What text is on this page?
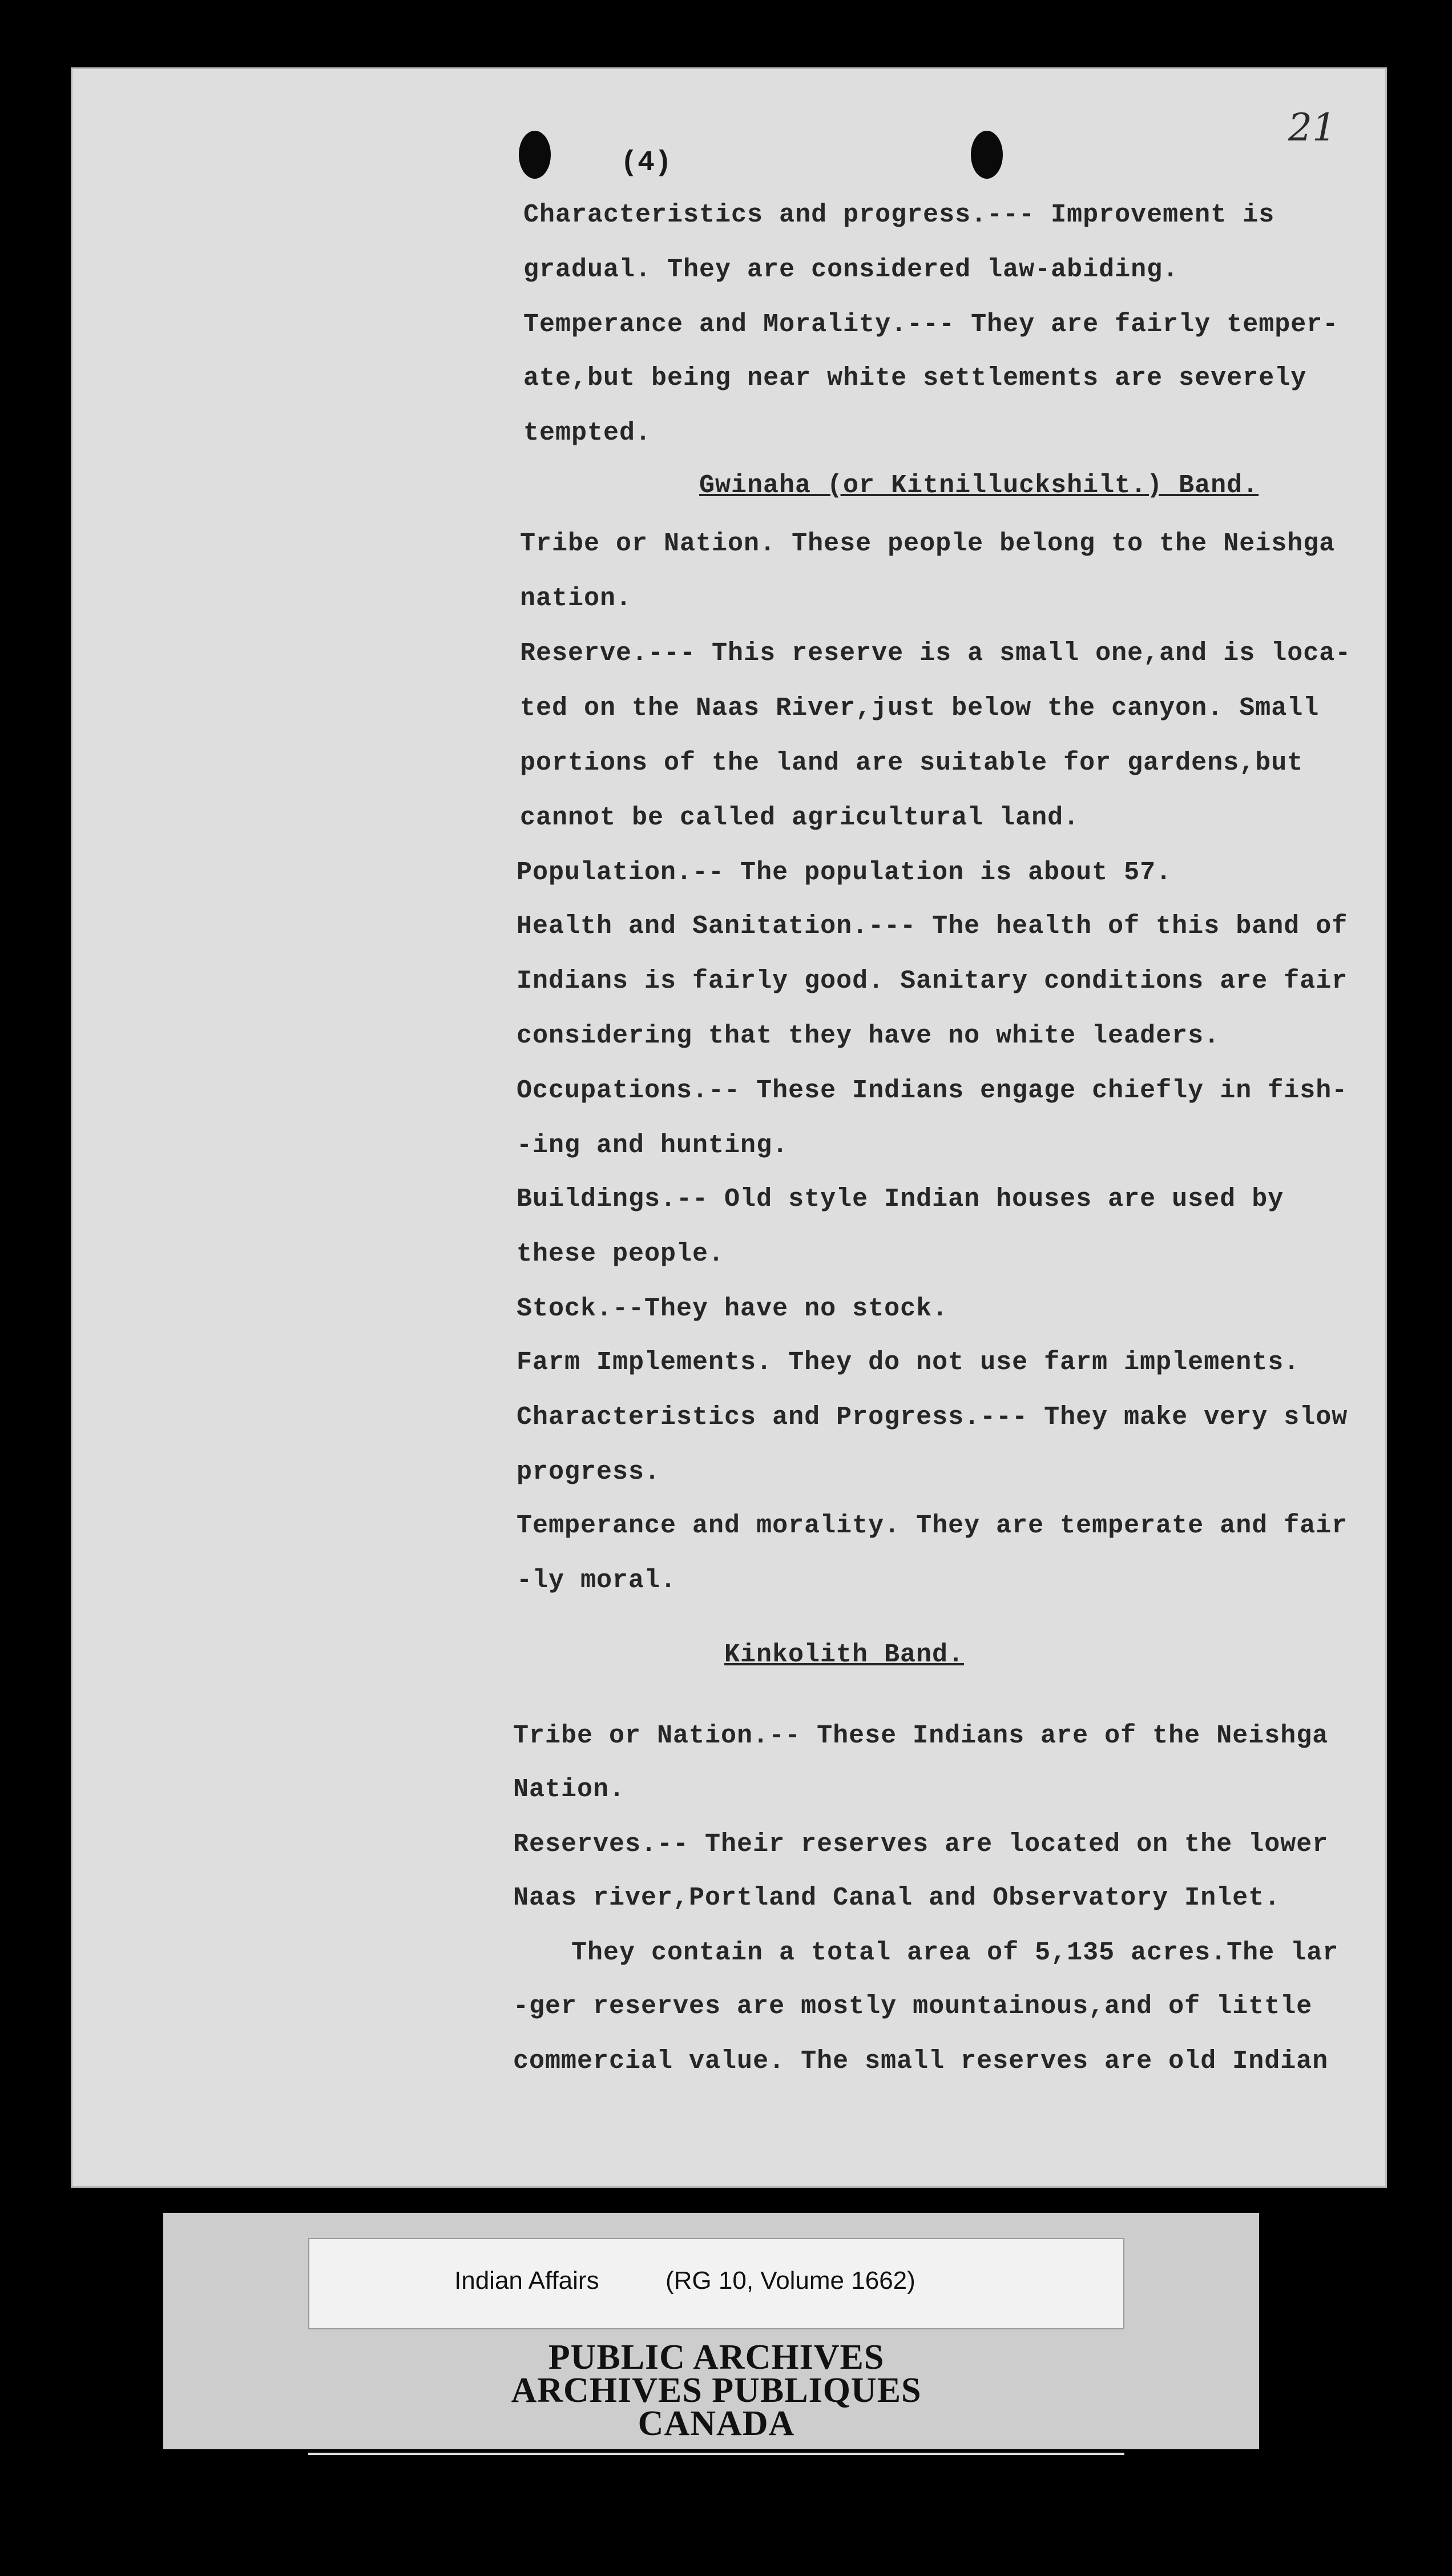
(4)
21
Characteristics and progress.--- Improvement is
gradual. They are considered law-abiding.
Temperance and Morality.--- They are fairly temper-
ate,but being near white settlements are severely
tempted.
Gwinaha (or Kitnilluckshilt.) Band.
Tribe or Nation. These people belong to the Neishga
nation.
Reserve.--- This reserve is a small one,and is loca-
ted on the Naas River,just below the canyon. Small
portions of the land are suitable for gardens,but
cannot be called agricultural land.
Population.-- The population is about 57.
Health and Sanitation.--- The health of this band of
Indians is fairly good. Sanitary conditions are fair
considering that they have no white leaders.
Occupations.-- These Indians engage chiefly in fish-
-ing and hunting.
Buildings.-- Old style Indian houses are used by
these people.
Stock.--They have no stock.
Farm Implements. They do not use farm implements.
Characteristics and Progress.--- They make very slow
progress.
Temperance and morality. They are temperate and fair
-ly moral.
Kinkolith Band.
Tribe or Nation.-- These Indians are of the Neishga
Nation.
Reserves.-- Their reserves are located on the lower
Naas river,Portland Canal and Observatory Inlet.
They contain a total area of 5,135 acres.The lar
-ger reserves are mostly mountainous,and of little
commercial value. The small reserves are old Indian
Indian Affairs	(RG 10, Volume 1662)
PUBLIC ARCHIVES
ARCHIVES PUBLIQUES
CANADA
